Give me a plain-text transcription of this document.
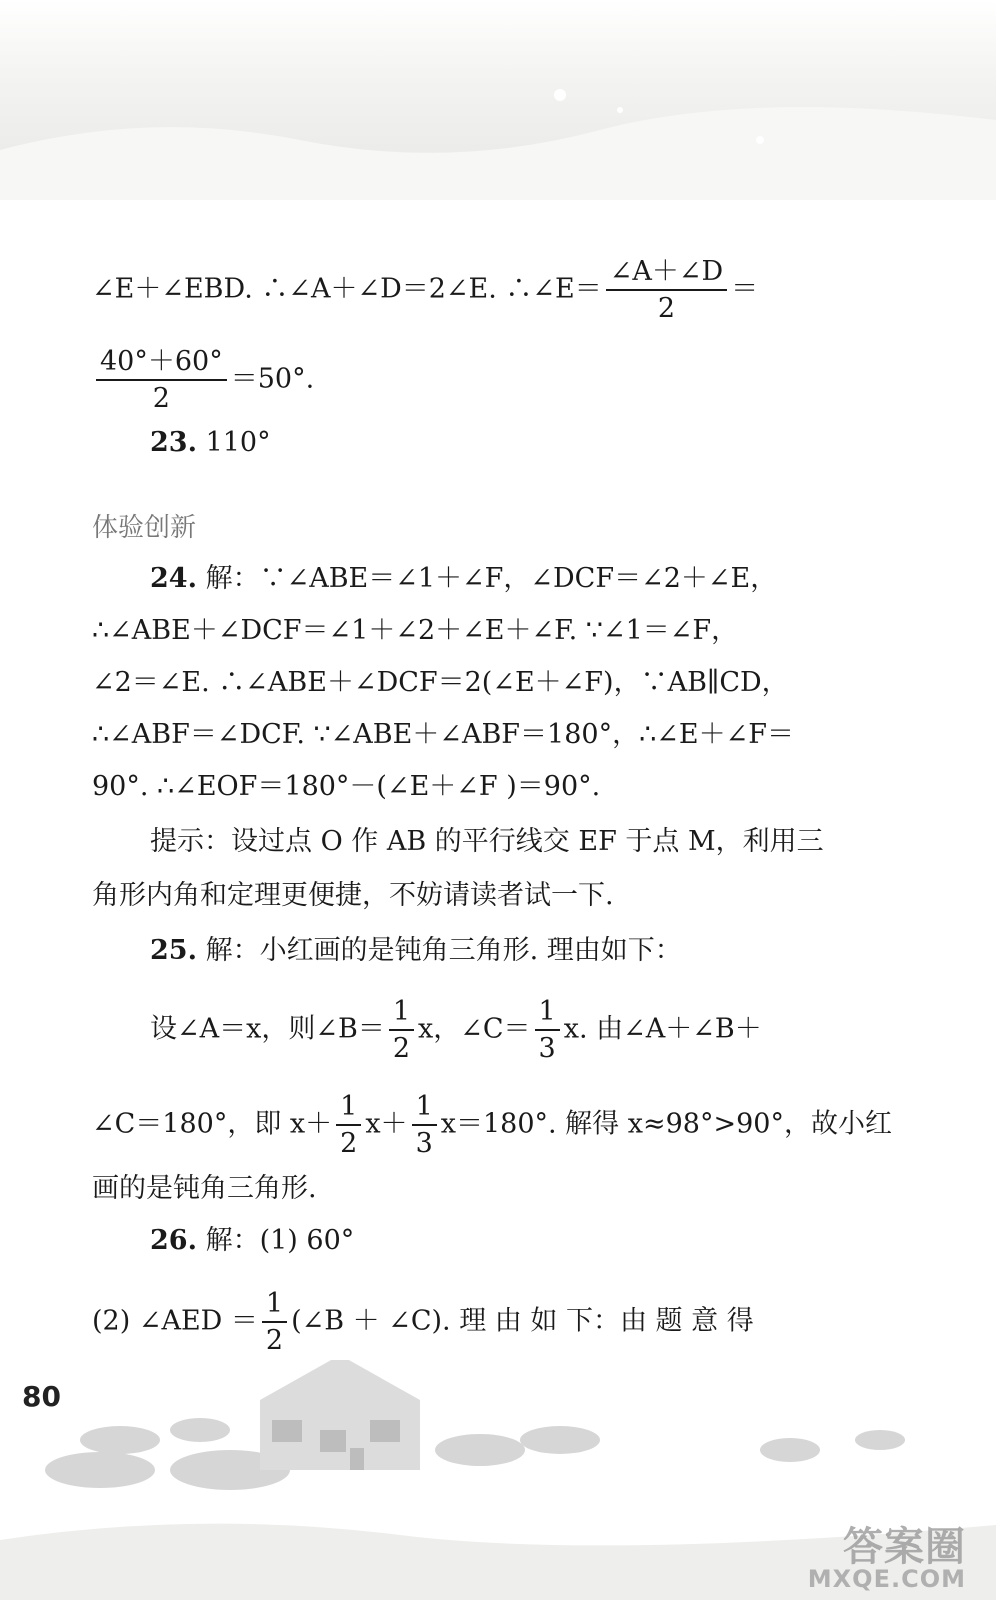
∠E＋∠EBD. ∴∠A＋∠D＝2∠E. ∴∠E＝ $\frac{\angle A+\angle D}{2}$ ＝
$\frac{40^\circ+60^\circ}{2} =50^\circ$.
23. 110°
体验创新
24. 解：∵∠ABE＝∠1＋∠F，∠DCF＝∠2＋∠E，
∴∠ABE＋∠DCF＝∠1＋∠2＋∠E＋∠F. ∵∠1＝∠F，
∠2＝∠E. ∴∠ABE＋∠DCF＝2(∠E＋∠F)，∵AB∥CD，
∴∠ABF＝∠DCF. ∵∠ABE＋∠ABF＝180°，∴∠E＋∠F＝
90°. ∴∠EOF＝180°－(∠E＋∠F )＝90°.
提示：设过点 O 作 AB 的平行线交 EF 于点 M，利用三
角形内角和定理更便捷，不妨请读者试一下.
25. 解：小红画的是钝角三角形. 理由如下：
设∠A＝x，则∠B＝ $\frac{1}{2}$ x，∠C＝ $\frac{1}{3} x$. 由∠A＋∠B＋
∠C＝180°，即 $x+ \frac{1}{2} x+ \frac{1}{3} x=180^\circ$. 解得 x≈98°>90°，故小红
画的是钝角三角形.
26. 解：(1) 60°
(2) ∠AED ＝ $\frac{1}{2}$ (∠B ＋ ∠C). 理 由 如 下：由 题 意 得
80
答案圈
MXQE.COM
